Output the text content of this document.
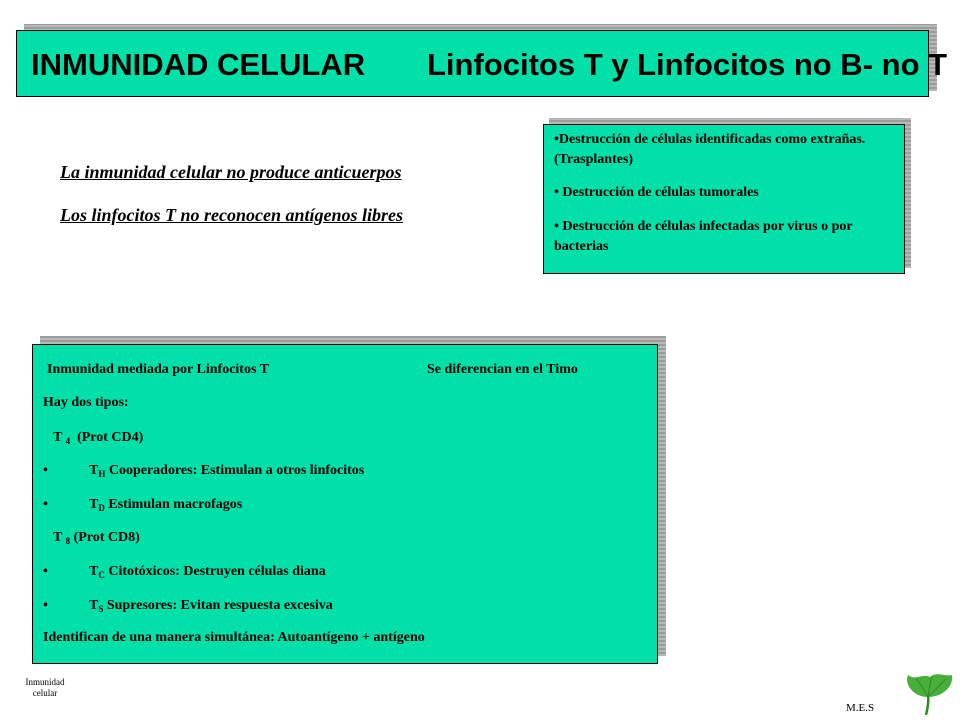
INMUNIDAD CELULAR Linfocitos T y Linfocitos no B- no T
La inmunidad celular no produce anticuerpos
Los linfocitos T no reconocen antígenos libres
•Destrucción de células identificadas como extrañas. (Trasplantes)
• Destrucción de células tumorales
• Destrucción de células infectadas por virus o por bacterias
Inmunidad mediada por Linfocitos T	Se diferencian en el Timo
Hay dos tipos:
T $_4$ (Prot CD4)
•	$T_H$ Cooperadores: Estimulan a otros linfocitos
•	$T_D$ Estimulan macrofagos
T $_8$ (Prot CD8)
•	$T_C$ Citotóxicos: Destruyen células diana
•	$T_S$ Supresores: Evitan respuesta excesiva
Identifican de una manera simultánea: Autoantígeno + antígeno
Inmunidad
celular
M.E.S
